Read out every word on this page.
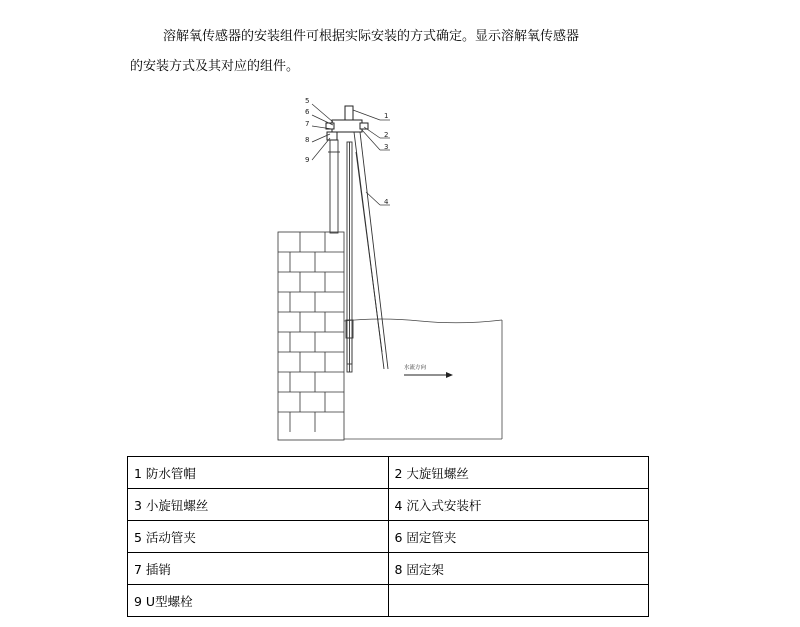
溶解氧传感器的安装组件可根据实际安装的方式确定。显示溶解氧传感器
的安装方式及其对应的组件。

5
6
7
8
9
1
2
3
4
水流方向
1 防水管帽	2 大旋钮螺丝
3 小旋钮螺丝	4 沉入式安装杆
5 活动管夹	6 固定管夹
7 插销	8 固定架
9 U型螺栓	
